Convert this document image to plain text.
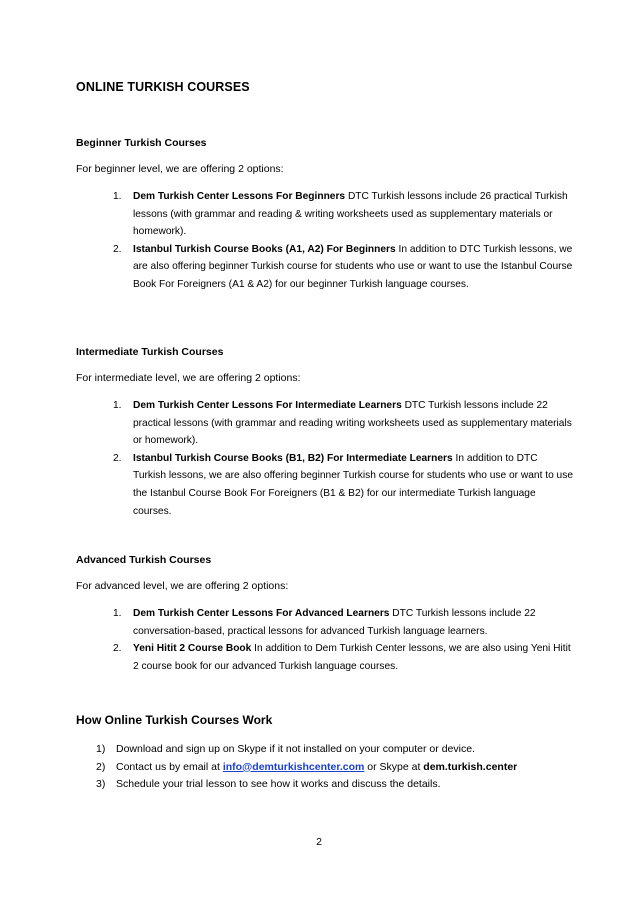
ONLINE TURKISH COURSES
Beginner Turkish Courses
For beginner level, we are offering 2 options:
1. Dem Turkish Center Lessons For Beginners DTC Turkish lessons include 26 practical Turkish lessons (with grammar and reading & writing worksheets used as supplementary materials or homework).
2. Istanbul Turkish Course Books (A1, A2) For Beginners In addition to DTC Turkish lessons, we are also offering beginner Turkish course for students who use or want to use the Istanbul Course Book For Foreigners (A1 & A2) for our beginner Turkish language courses.
Intermediate Turkish Courses
For intermediate level, we are offering 2 options:
1. Dem Turkish Center Lessons For Intermediate Learners DTC Turkish lessons include 22 practical lessons (with grammar and reading writing worksheets used as supplementary materials or homework).
2. Istanbul Turkish Course Books (B1, B2) For Intermediate Learners In addition to DTC Turkish lessons, we are also offering beginner Turkish course for students who use or want to use the Istanbul Course Book For Foreigners (B1 & B2) for our intermediate Turkish language courses.
Advanced Turkish Courses
For advanced level, we are offering 2 options:
1. Dem Turkish Center Lessons For Advanced Learners DTC Turkish lessons include 22 conversation-based, practical lessons for advanced Turkish language learners.
2. Yeni Hitit 2 Course Book In addition to Dem Turkish Center lessons, we are also using Yeni Hitit 2 course book for our advanced Turkish language courses.
How Online Turkish Courses Work
1) Download and sign up on Skype if it not installed on your computer or device.
2) Contact us by email at info@demturkishcenter.com or Skype at dem.turkish.center
3) Schedule your trial lesson to see how it works and discuss the details.
2
